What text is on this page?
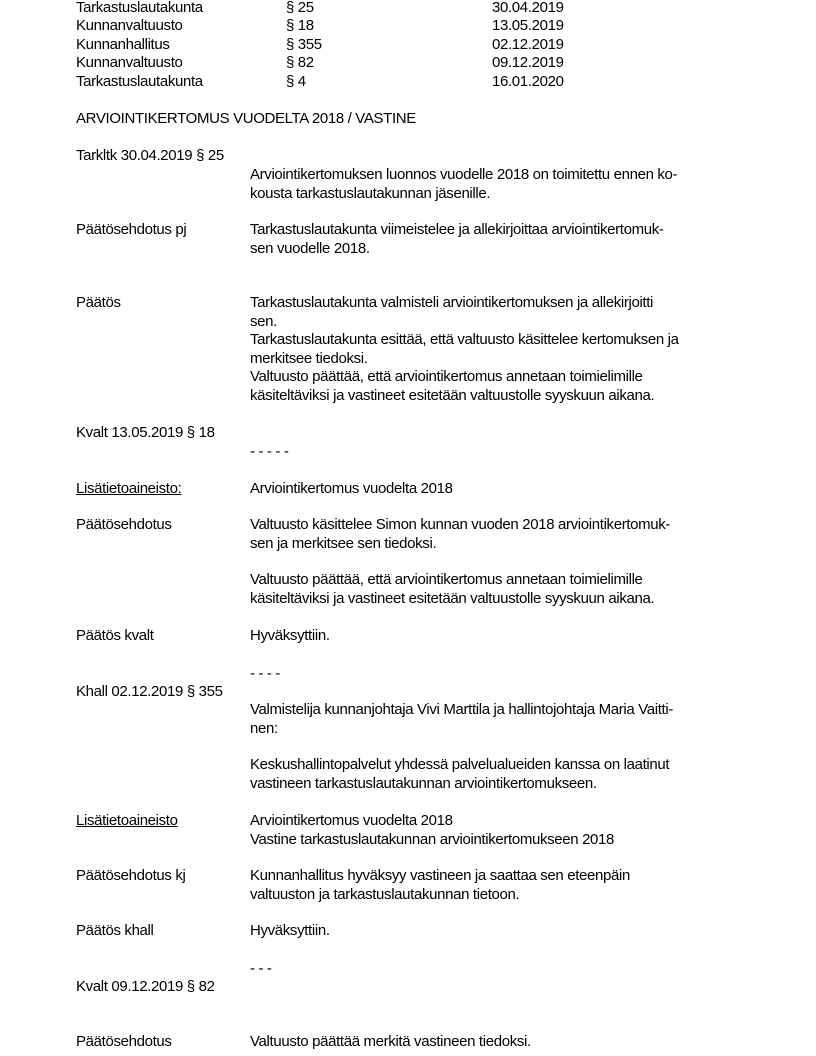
Tarkastuslautakunta	§ 25	30.04.2019
Kunnanvaltuusto	§ 18	13.05.2019
Kunnanhallitus	§ 355	02.12.2019
Kunnanvaltuusto	§ 82	09.12.2019
Tarkastuslautakunta	§ 4	16.01.2020
ARVIOINTIKERTOMUS VUODELTA 2018 / VASTINE
Tarkltk 30.04.2019 § 25
Arviointikertomuksen luonnos vuodelle 2018 on toimitettu ennen ko-
kousta tarkastuslautakunnan jäsenille.
Päätösehdotus pj	Tarkastuslautakunta viimeistelee ja allekirjoittaa arviointikertomuk-
sen vuodelle 2018.
Päätös	Tarkastuslautakunta valmisteli arviointikertomuksen ja allekirjoitti
sen.
Tarkastuslautakunta esittää, että valtuusto käsittelee kertomuksen ja
merkitsee tiedoksi.
Valtuusto päättää, että arviointikertomus annetaan toimielimille
käsiteltäviksi ja vastineet esitetään valtuustolle syyskuun aikana.
Kvalt 13.05.2019 § 18
- - - - -
Lisätietoaineisto:	Arviointikertomus vuodelta 2018
Päätösehdotus	Valtuusto käsittelee Simon kunnan vuoden 2018 arviointikertomuk-
sen ja merkitsee sen tiedoksi.
Valtuusto päättää, että arviointikertomus annetaan toimielimille
käsiteltäviksi ja vastineet esitetään valtuustolle syyskuun aikana.
Päätös kvalt	Hyväksyttiin.
- - - -
Khall 02.12.2019 § 355
Valmistelija kunnanjohtaja Vivi Marttila ja hallintojohtaja Maria Vaitti-
nen:
Keskushallintopalvelut yhdessä palvelualueiden kanssa on laatinut
vastineen tarkastuslautakunnan arviointikertomukseen.
Lisätietoaineisto	Arviointikertomus vuodelta 2018
Vastine tarkastuslautakunnan arviointikertomukseen 2018
Päätösehdotus kj	Kunnanhallitus hyväksyy vastineen ja saattaa sen eteenpäin
valtuuston ja tarkastuslautakunnan tietoon.
Päätös khall	Hyväksyttiin.
- - -
Kvalt 09.12.2019 § 82
Päätösehdotus	Valtuusto päättää merkitä vastineen tiedoksi.
